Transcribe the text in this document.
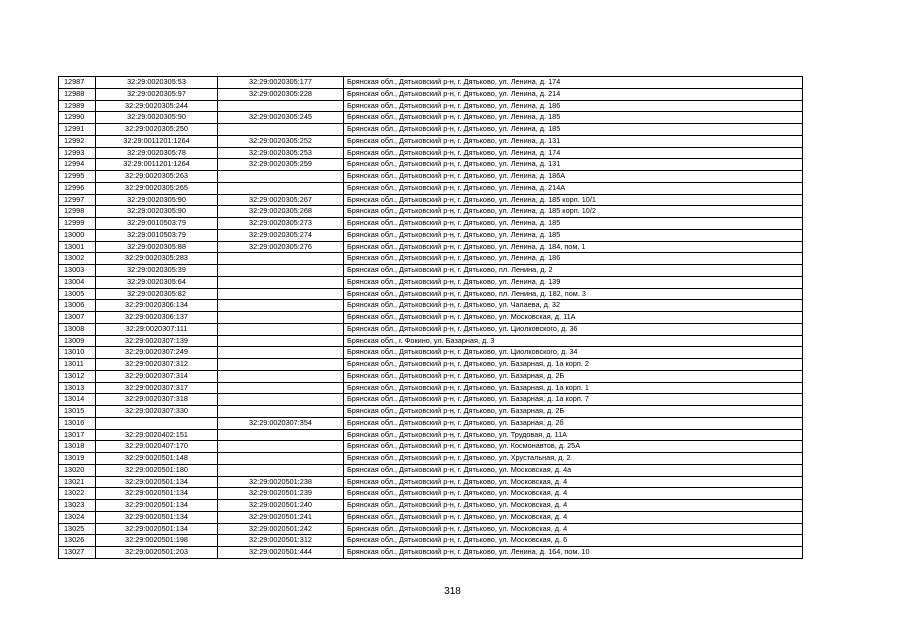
12987	32:29:0020305:53	32:29:0020305:177	Брянская обл., Дятьковский р-н, г. Дятьково, ул. Ленина, д. 174
12988	32:29:0020305:97	32:29:0020305:228	Брянская обл., Дятьковский р-н, г. Дятьково, ул. Ленина, д. 214
12989	32:29:0020305:244		Брянская обл., Дятьковский р-н, г. Дятьково, ул. Ленина, д. 186
12990	32:29:0020305:90	32:29:0020305:245	Брянская обл., Дятьковский р-н, г. Дятьково, ул. Ленина, д. 185
12991	32:29:0020305:250		Брянская обл., Дятьковский р-н, г. Дятьково, ул. Ленина, д. 185
12992	32:29:0011201:1264	32:29:0020305:252	Брянская обл., Дятьковский р-н, г. Дятьково, ул. Ленина, д. 131
12993	32:29:0020305:78	32:29:0020305:253	Брянская обл., Дятьковский р-н, г. Дятьково, ул. Ленина, д. 174
12994	32:29:0011201:1264	32:29:0020305:259	Брянская обл., Дятьковский р-н, г. Дятьково, ул. Ленина, д. 131
12995	32:29:0020305:263		Брянская обл., Дятьковский р-н, г. Дятьково, ул. Ленина, д. 186А
12996	32:29:0020305:265		Брянская обл., Дятьковский р-н, г. Дятьково, ул. Ленина, д. 214А
12997	32:29:0020305:90	32:29:0020305:267	Брянская обл., Дятьковский р-н, г. Дятьково, ул. Ленина, д. 185 корп. 10/1
12998	32:29:0020305:90	32:29:0020305:268	Брянская обл., Дятьковский р-н, г. Дятьково, ул. Ленина, д. 185 корп. 10/2
12999	32:29:0010503:79	32:29:0020305:273	Брянская обл., Дятьковский р-н, г. Дятьково, ул. Ленина, д. 185
13000	32:29:0010503:79	32:29:0020305:274	Брянская обл., Дятьковский р-н, г. Дятьково, ул. Ленина, д. 185
13001	32:29:0020305:88	32:29:0020305:276	Брянская обл., Дятьковский р-н, г. Дятьково, ул. Ленина, д. 184, пом. 1
13002	32:29:0020305:283		Брянская обл., Дятьковский р-н, г. Дятьково, ул. Ленина, д. 186
13003	32:29:0020305:39		Брянская обл., Дятьковский р-н, г. Дятьково, пл. Ленина, д. 2
13004	32:29:0020305:64		Брянская обл., Дятьковский р-н, г. Дятьково, ул. Ленина, д. 139
13005	32:29:0020305:82		Брянская обл., Дятьковский р-н, г. Дятьково, пл. Ленина, д. 182, пом. 3
13006	32:29:0020306:134		Брянская обл., Дятьковский р-н, г. Дятьково, ул. Чапаева, д. 32
13007	32:29:0020306:137		Брянская обл., Дятьковский р-н, г. Дятьково, ул. Московская, д. 11А
13008	32:29:0020307:111		Брянская обл., Дятьковский р-н, г. Дятьково, ул. Циолковского, д. 36
13009	32:29:0020307:139		Брянская обл., г. Фокино, ул. Базарная, д. 3
13010	32:29:0020307:249		Брянская обл., Дятьковский р-н, г. Дятьково, ул. Циолковского, д. 34
13011	32:29:0020307:312		Брянская обл., Дятьковский р-н, г. Дятьково, ул. Базарная, д. 1а корп. 2
13012	32:29:0020307:314		Брянская обл., Дятьковский р-н, г. Дятьково, ул. Базарная, д. 2Б
13013	32:29:0020307:317		Брянская обл., Дятьковский р-н, г. Дятьково, ул. Базарная, д. 1а корп. 1
13014	32:29:0020307:318		Брянская обл., Дятьковский р-н, г. Дятьково, ул. Базарная, д. 1а корп. 7
13015	32:29:0020307:330		Брянская обл., Дятьковский р-н, г. Дятьково, ул. Базарная, д. 2Б
13016		32:29:0020307:354	Брянская обл., Дятьковский р-н, г. Дятьково, ул. Базарная, д. 2б
13017	32:29:0020402:151		Брянская обл., Дятьковский р-н, г. Дятьково, ул. Трудовая, д. 11А
13018	32:29:0020407:170		Брянская обл., Дятьковский р-н, г. Дятьково, ул. Космонавтов, д. 25А
13019	32:29:0020501:148		Брянская обл., Дятьковский р-н, г. Дятьково, ул. Хрустальная, д. 2
13020	32:29:0020501:180		Брянская обл., Дятьковский р-н, г. Дятьково, ул. Московская, д. 4а
13021	32:29:0020501:134	32:29:0020501:238	Брянская обл., Дятьковский р-н, г. Дятьково, ул. Московская, д. 4
13022	32:29:0020501:134	32:29:0020501:239	Брянская обл., Дятьковский р-н, г. Дятьково, ул. Московская, д. 4
13023	32:29:0020501:134	32:29:0020501:240	Брянская обл., Дятьковский р-н, г. Дятьково, ул. Московская, д. 4
13024	32:29:0020501:134	32:29:0020501:241	Брянская обл., Дятьковский р-н, г. Дятьково, ул. Московская, д. 4
13025	32:29:0020501:134	32:29:0020501:242	Брянская обл., Дятьковский р-н, г. Дятьково, ул. Московская, д. 4
13026	32:29:0020501:198	32:29:0020501:312	Брянская обл., Дятьковский р-н, г. Дятьково, ул. Московская, д. 6
13027	32:29:0020501:203	32:29:0020501:444	Брянская обл., Дятьковский р-н, г. Дятьково, ул. Ленина, д. 164, пом. 10
318
